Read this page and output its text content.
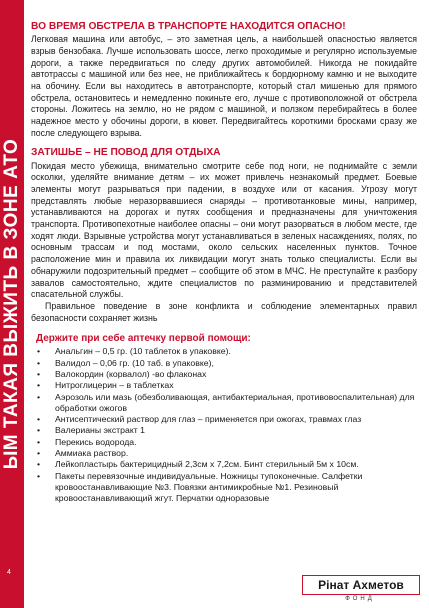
ЫМ ТАКАЯ ВЫЖИТЬ В ЗОНЕ АТО
4
ВО ВРЕМЯ ОБСТРЕЛА В ТРАНСПОРТЕ НАХОДИТСЯ ОПАСНО!

Легковая машина или автобус, – это заметная цель, а наибольшей опасностью является взрыв бензобака. Лучше использовать шоссе, легко проходимые и регулярно используемые дороги, а также передвигаться по следу других автомобилей. Никогда не покидайте автотрассы с машиной или без нее, не приближайтесь к бордюрному камню и не выходите на обочину. Если вы находитесь в автотранспорте, который стал мишенью для прямого обстрела, остановитесь и немедленно покиньте его, лучше с противоположной от обстрела стороны. Ложитесь на землю, но не рядом с машиной, и ползком перебирайтесь в более надежное место у обочины дороги, в кювет. Передвигайтесь короткими бросками сразу же после следующего взрыва.

ЗАТИШЬЕ – НЕ ПОВОД ДЛЯ ОТДЫХА

Покидая место убежища, внимательно смотрите себе под ноги, не поднимайте с земли осколки, уделяйте внимание детям – их может привлечь незнакомый предмет. Боевые элементы могут разрываться при падении, в воздухе или от касания. Угрозу могут представлять любые неразорвавшиеся снаряды – противотанковые мины, например, устанавливаются на дорогах и путях сообщения и предназначены для уничтожения транспорта. Противопехотные наиболее опасны – они могут разорваться в любом месте, где ходят люди. Взрывные устройства могут устанавливаться в зеленых насаждениях, полях, по основным трассам и под мостами, около сельских населенных пунктов. Точное расположение мин и правила их ликвидации могут знать только специалисты. Если вы обнаружили подозрительный предмет – сообщите об этом в МЧС. Не преступайте к разбору завалов самостоятельно, ждите специалистов по разминированию и представителей спасательной службы.

Правильное поведение в зоне конфликта и соблюдение элементарных правил безопасности сохраняет жизнь

Держите при себе аптечку первой помощи:
• Анальгин – 0,5 гр. (10 таблеток в упаковке).
• Валидол – 0,06 гр. (10 таб. в упаковке),
• Валокордин (корвалол) -во флаконах
• Нитроглицерин – в таблетках
• Аэрозоль или мазь (обезболивающая, антибактериальная, противовоспалительная) для обработки ожогов
• Антисептический раствор для глаз – применяется при ожогах, травмах глаз
• Валерианы экстракт 1
• Перекись водорода.
• Аммиака раствор.
• Лейкопластырь бактерицидный 2,3см х 7,2см. Бинт стерильный 5м х 10см.
• Пакеты перевязочные индивидуальные. Ножницы тупоконечные. Салфетки кровоостанавливающие №3. Повязки антимикробные №1. Резиновый кровоостанавливающий жгут. Перчатки одноразовые
Рінат Ахметов
ФОНД
